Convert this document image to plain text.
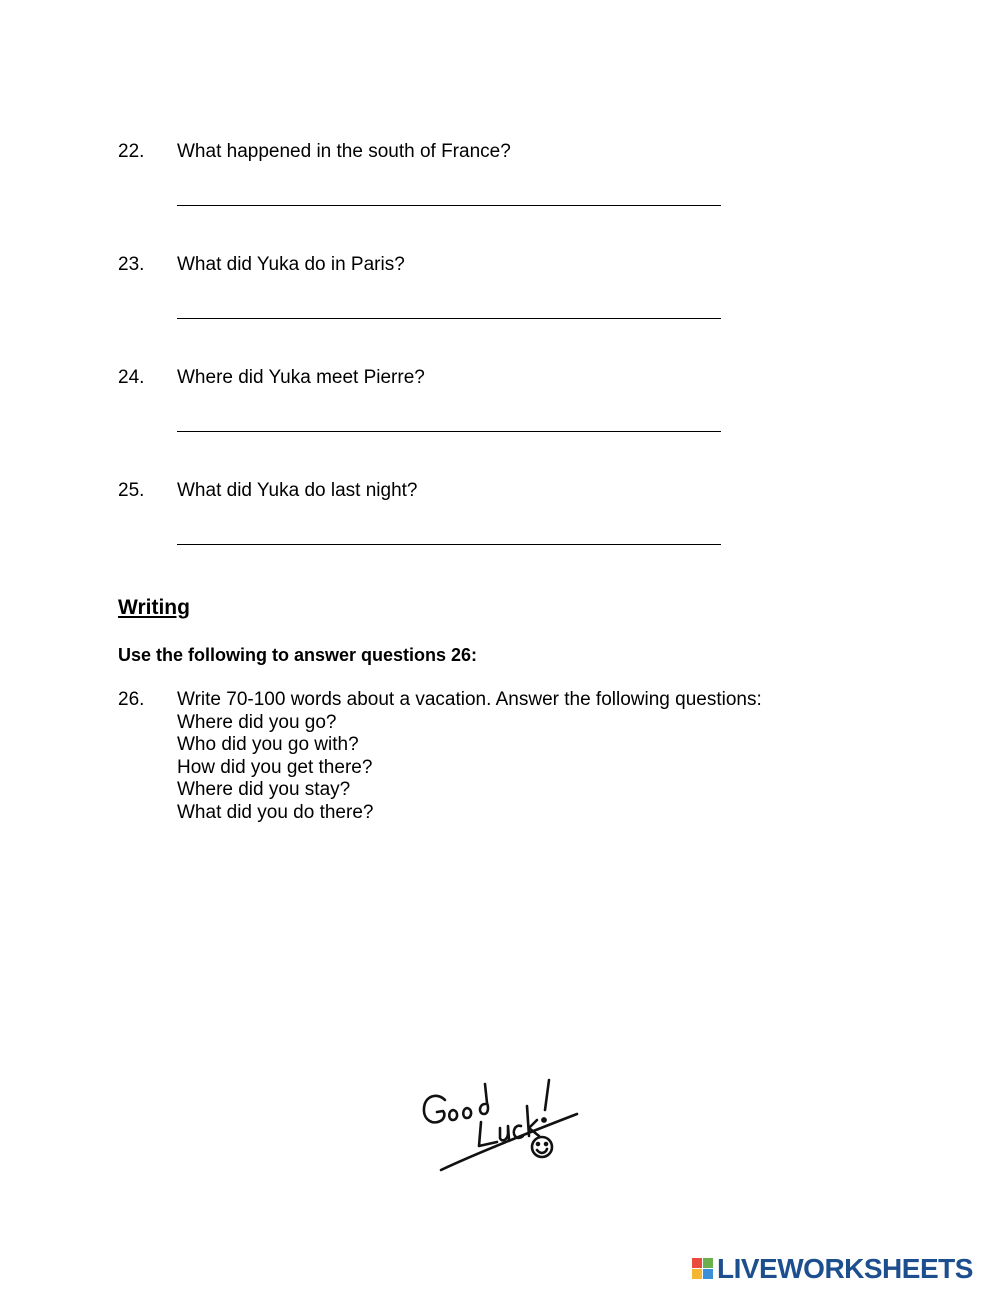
22. What happened in the south of France?
23. What did Yuka do in Paris?
24. Where did Yuka meet Pierre?
25. What did Yuka do last night?
Writing
Use the following to answer questions 26:
26. Write 70-100 words about a vacation. Answer the following questions:
Where did you go?
Who did you go with?
How did you get there?
Where did you stay?
What did you do there?
LIVEWORKSHEETS
